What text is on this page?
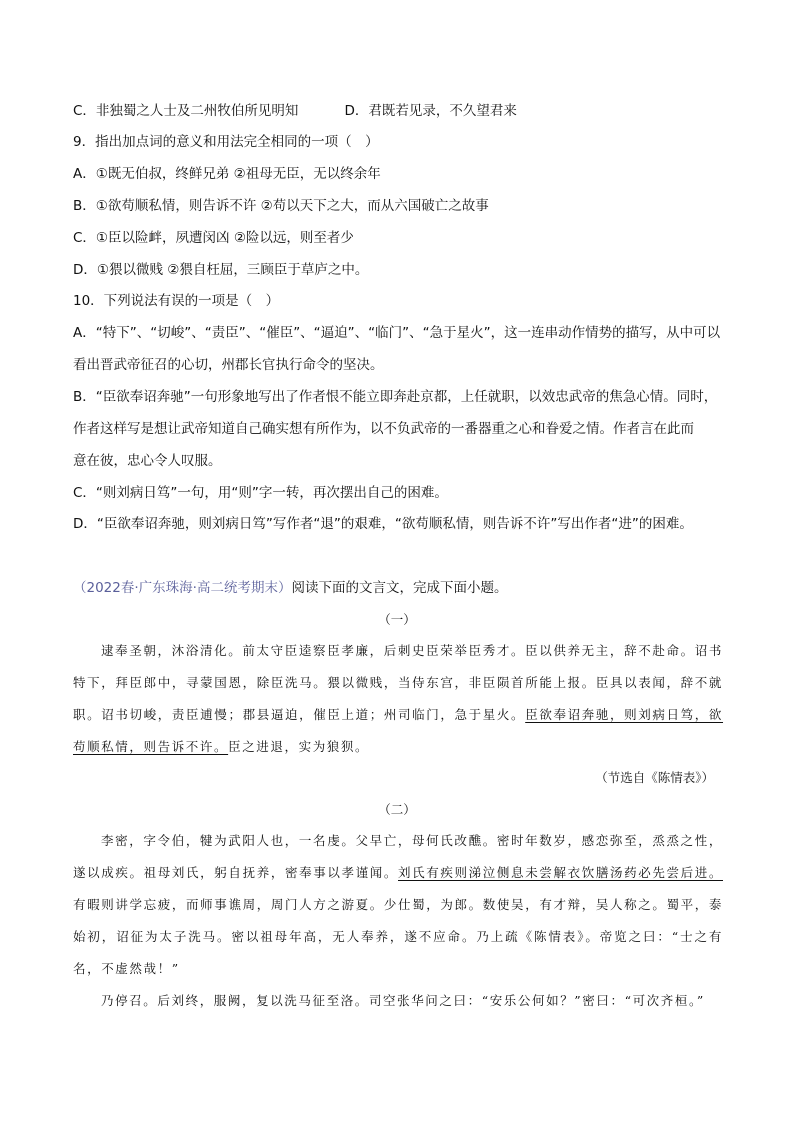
C．非独蜀之人士及二州牧伯所见明知	D．君既若见录，不久望君来
9．指出加点词的意义和用法完全相同的一项（　）
A．①既无伯叔，终鲜兄弟 ②祖母无臣，无以终余年
B．①欲苟顺私情，则告诉不许 ②苟以天下之大，而从六国破亡之故事
C．①臣以险衅，夙遭闵凶 ②险以远，则至者少
D．①猥以微贱 ②猥自枉屈，三顾臣于草庐之中。
10．下列说法有误的一项是（　）
A．“特下”、“切峻”、“责臣”、“催臣”、“逼迫”、“临门”、“急于星火”，这一连串动作情势的描写，从中可以
看出晋武帝征召的心切，州郡长官执行命令的坚决。
B．“臣欲奉诏奔驰”一句形象地写出了作者恨不能立即奔赴京都，上任就职，以效忠武帝的焦急心情。同时，
作者这样写是想让武帝知道自己确实想有所作为，以不负武帝的一番器重之心和眷爱之情。作者言在此而
意在彼，忠心令人叹服。
C．“则刘病日笃”一句，用“则”字一转，再次摆出自己的困难。
D．“臣欲奉诏奔驰，则刘病日笃”写作者“退”的艰难，“欲苟顺私情，则告诉不许”写出作者“进”的困难。
（2022春·广东珠海·高二统考期末）阅读下面的文言文，完成下面小题。
（一）
逮奉圣朝，沐浴清化。前太守臣逵察臣孝廉，后刺史臣荣举臣秀才。臣以供养无主，辞不赴命。诏书特下，拜臣郎中，寻蒙国恩，除臣洗马。猥以微贱，当侍东宫，非臣陨首所能上报。臣具以表闻，辞不就职。诏书切峻，责臣逋慢；郡县逼迫，催臣上道；州司临门，急于星火。臣欲奉诏奔驰，则刘病日笃，欲苟顺私情，则告诉不许。臣之进退，实为狼狈。
（节选自《陈情表》）
（二）
李密，字令伯，犍为武阳人也，一名虔。父早亡，母何氏改醮。密时年数岁，感恋弥至，烝烝之性，遂以成疾。祖母刘氏，躬自抚养，密奉事以孝谨闻。刘氏有疾则涕泣侧息未尝解衣饮膳汤药必先尝后进。有暇则讲学忘疲，而师事谯周，周门人方之游夏。少仕蜀，为郎。数使吴，有才辩，吴人称之。蜀平，泰始初，诏征为太子洗马。密以祖母年高，无人奉养，遂不应命。乃上疏《陈情表》。帝览之曰：“士之有名，不虚然哉！”
乃停召。后刘终，服阙，复以洗马征至洛。司空张华问之曰：“安乐公何如？”密曰：“可次齐桓。”
